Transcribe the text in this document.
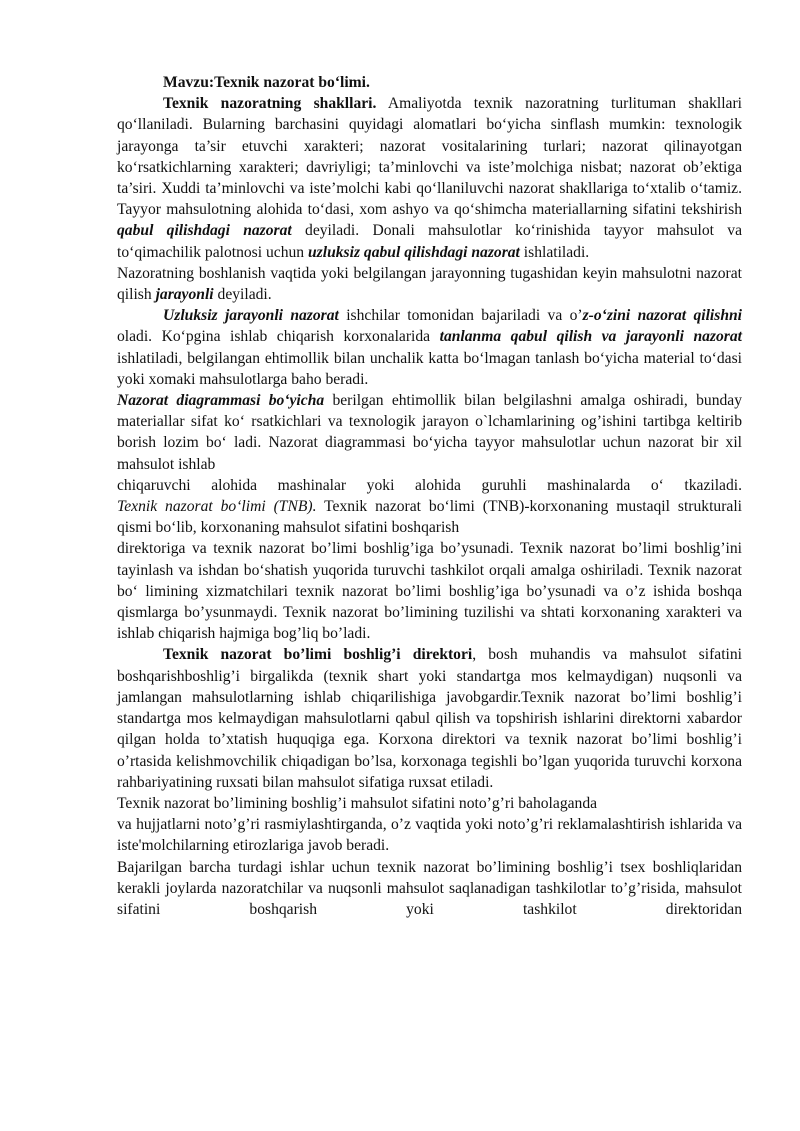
Mavzu:Texnik nazorat bo‘limi.

Texnik nazoratning shakllari. Amaliyotda texnik nazoratning turlituman shakllari qo‘llaniladi. Bularning barchasini quyidagi alomatlari bo‘yicha sinflash mumkin: texnologik jarayonga ta’sir etuvchi xarakteri; nazorat vositalarining turlari; nazorat qilinayotgan ko‘rsatkichlarning xarakteri; davriyligi; ta’minlovchi va iste’molchiga nisbat; nazorat ob’ektiga ta’siri. Xuddi ta’minlovchi va iste’molchi kabi qo‘llaniluvchi nazorat shakllariga to‘xtalib o‘tamiz. Tayyor mahsulotning alohida to‘dasi, xom ashyo va qo‘shimcha materiallarning sifatini tekshirish qabul qilishdagi nazorat deyiladi. Donali mahsulotlar ko‘rinishida tayyor mahsulot va to‘qimachilik palotnosi uchun uzluksiz qabul qilishdagi nazorat ishlatiladi.

Nazoratning boshlanish vaqtida yoki belgilangan jarayonning tugashidan keyin mahsulotni nazorat qilish jarayonli deyiladi.

Uzluksiz jarayonli nazorat ishchilar tomonidan bajariladi va o’z-o‘zini nazorat qilishni oladi. Koʻpgina ishlab chiqarish korxonalarida tanlanma qabul qilish va jarayonli nazorat ishlatiladi, belgilangan ehtimollik bilan unchalik katta boʻlmagan tanlash boʻyicha material toʻdasi yoki xomaki mahsulotlarga baho beradi.

Nazorat diagrammasi bo‘yicha berilgan ehtimollik bilan belgilashni amalga oshiradi, bunday materiallar sifat koʻ rsatkichlari va texnologik jarayon o`lchamlarining og’ishini tartibga keltirib borish lozim boʻ ladi. Nazorat diagrammasi boʻyicha tayyor mahsulotlar uchun nazorat bir xil mahsulot ishlab

chiqaruvchi alohida mashinalar yoki alohida guruhli mashinalarda oʻ tkaziladi.

Texnik nazorat boʻlimi (TNB). Texnik nazorat boʻlimi (TNB)-korxonaning mustaqil strukturali qismi boʻlib, korxonaning mahsulot sifatini boshqarish

direktoriga va texnik nazorat bo’limi boshlig’iga bo’ysunadi. Texnik nazorat bo’limi boshlig’ini tayinlash va ishdan boʻshatish yuqorida turuvchi tashkilot orqali amalga oshiriladi. Texnik nazorat boʻ limining xizmatchilari texnik nazorat bo’limi boshlig’iga bo’ysunadi va o’z ishida boshqa qismlarga bo’ysunmaydi. Texnik nazorat bo’limining tuzilishi va shtati korxonaning xarakteri va ishlab chiqarish hajmiga bog’liq bo’ladi.

Texnik nazorat bo’limi boshlig’i direktori, bosh muhandis va mahsulot sifatini boshqarishboshlig’i birgalikda (texnik shart yoki standartga mos kelmaydigan) nuqsonli va jamlangan mahsulotlarning ishlab chiqarilishiga javobgardir.Texnik nazorat bo’limi boshlig’i standartga mos kelmaydigan mahsulotlarni qabul qilish va topshirish ishlarini direktorni xabardor qilgan holda to’xtatish huquqiga ega. Korxona direktori va texnik nazorat bo’limi boshlig’i o’rtasida kelishmovchilik chiqadigan bo’lsa, korxonaga tegishli bo’lgan yuqorida turuvchi korxona rahbariyatining ruxsati bilan mahsulot sifatiga ruxsat etiladi.

Texnik nazorat bo’limining boshlig’i mahsulot sifatini noto’g’ri baholaganda

va hujjatlarni noto’g’ri rasmiylashtirganda, o’z vaqtida yoki noto’g’ri reklamalashtirish ishlarida va iste'molchilarning etirozlariga javob beradi.

Bajarilgan barcha turdagi ishlar uchun texnik nazorat bo’limining boshlig’i tsex boshliqlaridan kerakli joylarda nazoratchilar va nuqsonli mahsulot saqlanadigan tashkilotlar to’g’risida, mahsulot sifatini boshqarish yoki tashkilot direktoridan
